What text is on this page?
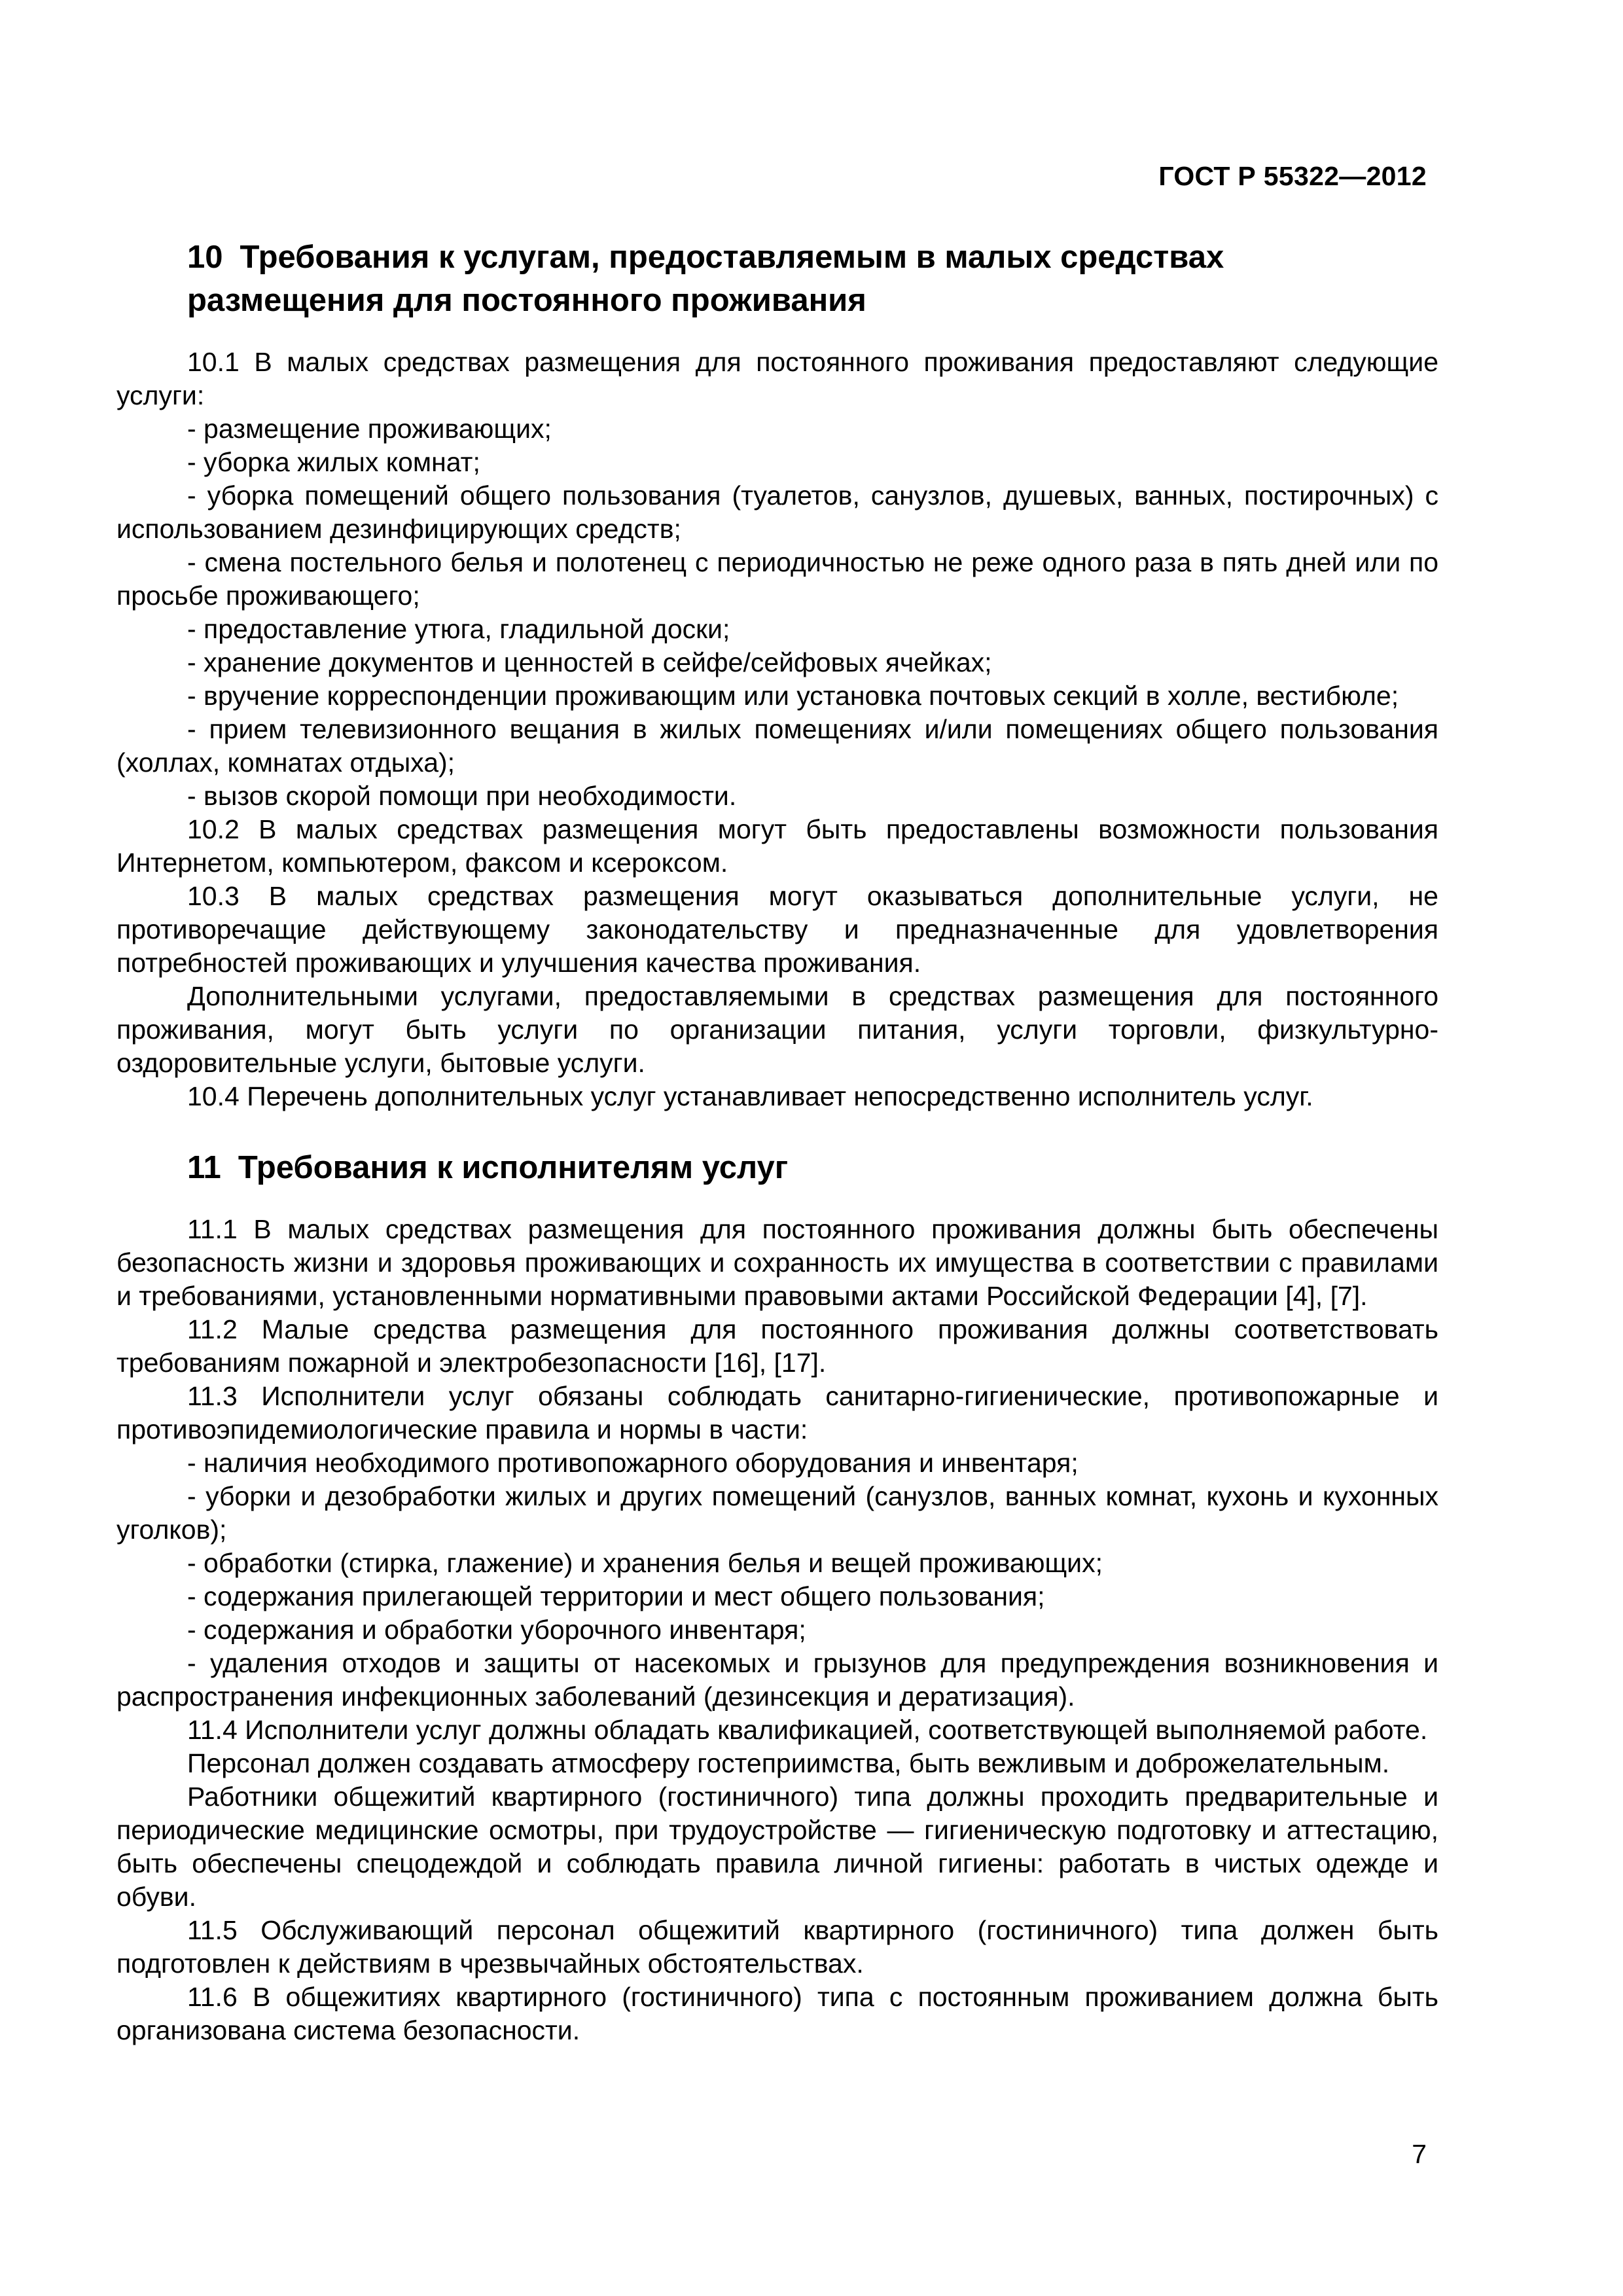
ГОСТ Р 55322—2012
10 Требования к услугам, предоставляемым в малых средствах
размещения для постоянного проживания

10.1 В малых средствах размещения для постоянного проживания предоставляют следующие услуги:

- размещение проживающих;

- уборка жилых комнат;

- уборка помещений общего пользования (туалетов, санузлов, душевых, ванных, постирочных) с использованием дезинфицирующих средств;

- смена постельного белья и полотенец с периодичностью не реже одного раза в пять дней или по просьбе проживающего;

- предоставление утюга, гладильной доски;

- хранение документов и ценностей в сейфе/сейфовых ячейках;

- вручение корреспонденции проживающим или установка почтовых секций в холле, вестибюле;

- прием телевизионного вещания в жилых помещениях и/или помещениях общего пользования (холлах, комнатах отдыха);

- вызов скорой помощи при необходимости.

10.2 В малых средствах размещения могут быть предоставлены возможности пользования Интернетом, компьютером, факсом и ксероксом.

10.3 В малых средствах размещения могут оказываться дополнительные услуги, не противоречащие действующему законодательству и предназначенные для удовлетворения потребностей проживающих и улучшения качества проживания.

Дополнительными услугами, предоставляемыми в средствах размещения для постоянного проживания, могут быть услуги по организации питания, услуги торговли, физкультурно-оздоровительные услуги, бытовые услуги.

10.4 Перечень дополнительных услуг устанавливает непосредственно исполнитель услуг.

11 Требования к исполнителям услуг

11.1 В малых средствах размещения для постоянного проживания должны быть обеспечены безопасность жизни и здоровья проживающих и сохранность их имущества в соответствии с правилами и требованиями, установленными нормативными правовыми актами Российской Федерации [4], [7].

11.2 Малые средства размещения для постоянного проживания должны соответствовать требованиям пожарной и электробезопасности [16], [17].

11.3 Исполнители услуг обязаны соблюдать санитарно-гигиенические, противопожарные и противоэпидемиологические правила и нормы в части:

- наличия необходимого противопожарного оборудования и инвентаря;

- уборки и дезобработки жилых и других помещений (санузлов, ванных комнат, кухонь и кухонных уголков);

- обработки (стирка, глажение) и хранения белья и вещей проживающих;

- содержания прилегающей территории и мест общего пользования;

- содержания и обработки уборочного инвентаря;

- удаления отходов и защиты от насекомых и грызунов для предупреждения возникновения и распространения инфекционных заболеваний (дезинсекция и дератизация).

11.4 Исполнители услуг должны обладать квалификацией, соответствующей выполняемой работе.

Персонал должен создавать атмосферу гостеприимства, быть вежливым и доброжелательным.

Работники общежитий квартирного (гостиничного) типа должны проходить предварительные и периодические медицинские осмотры, при трудоустройстве — гигиеническую подготовку и аттестацию, быть обеспечены спецодеждой и соблюдать правила личной гигиены: работать в чистых одежде и обуви.

11.5 Обслуживающий персонал общежитий квартирного (гостиничного) типа должен быть подготовлен к действиям в чрезвычайных обстоятельствах.

11.6 В общежитиях квартирного (гостиничного) типа с постоянным проживанием должна быть организована система безопасности.

7
